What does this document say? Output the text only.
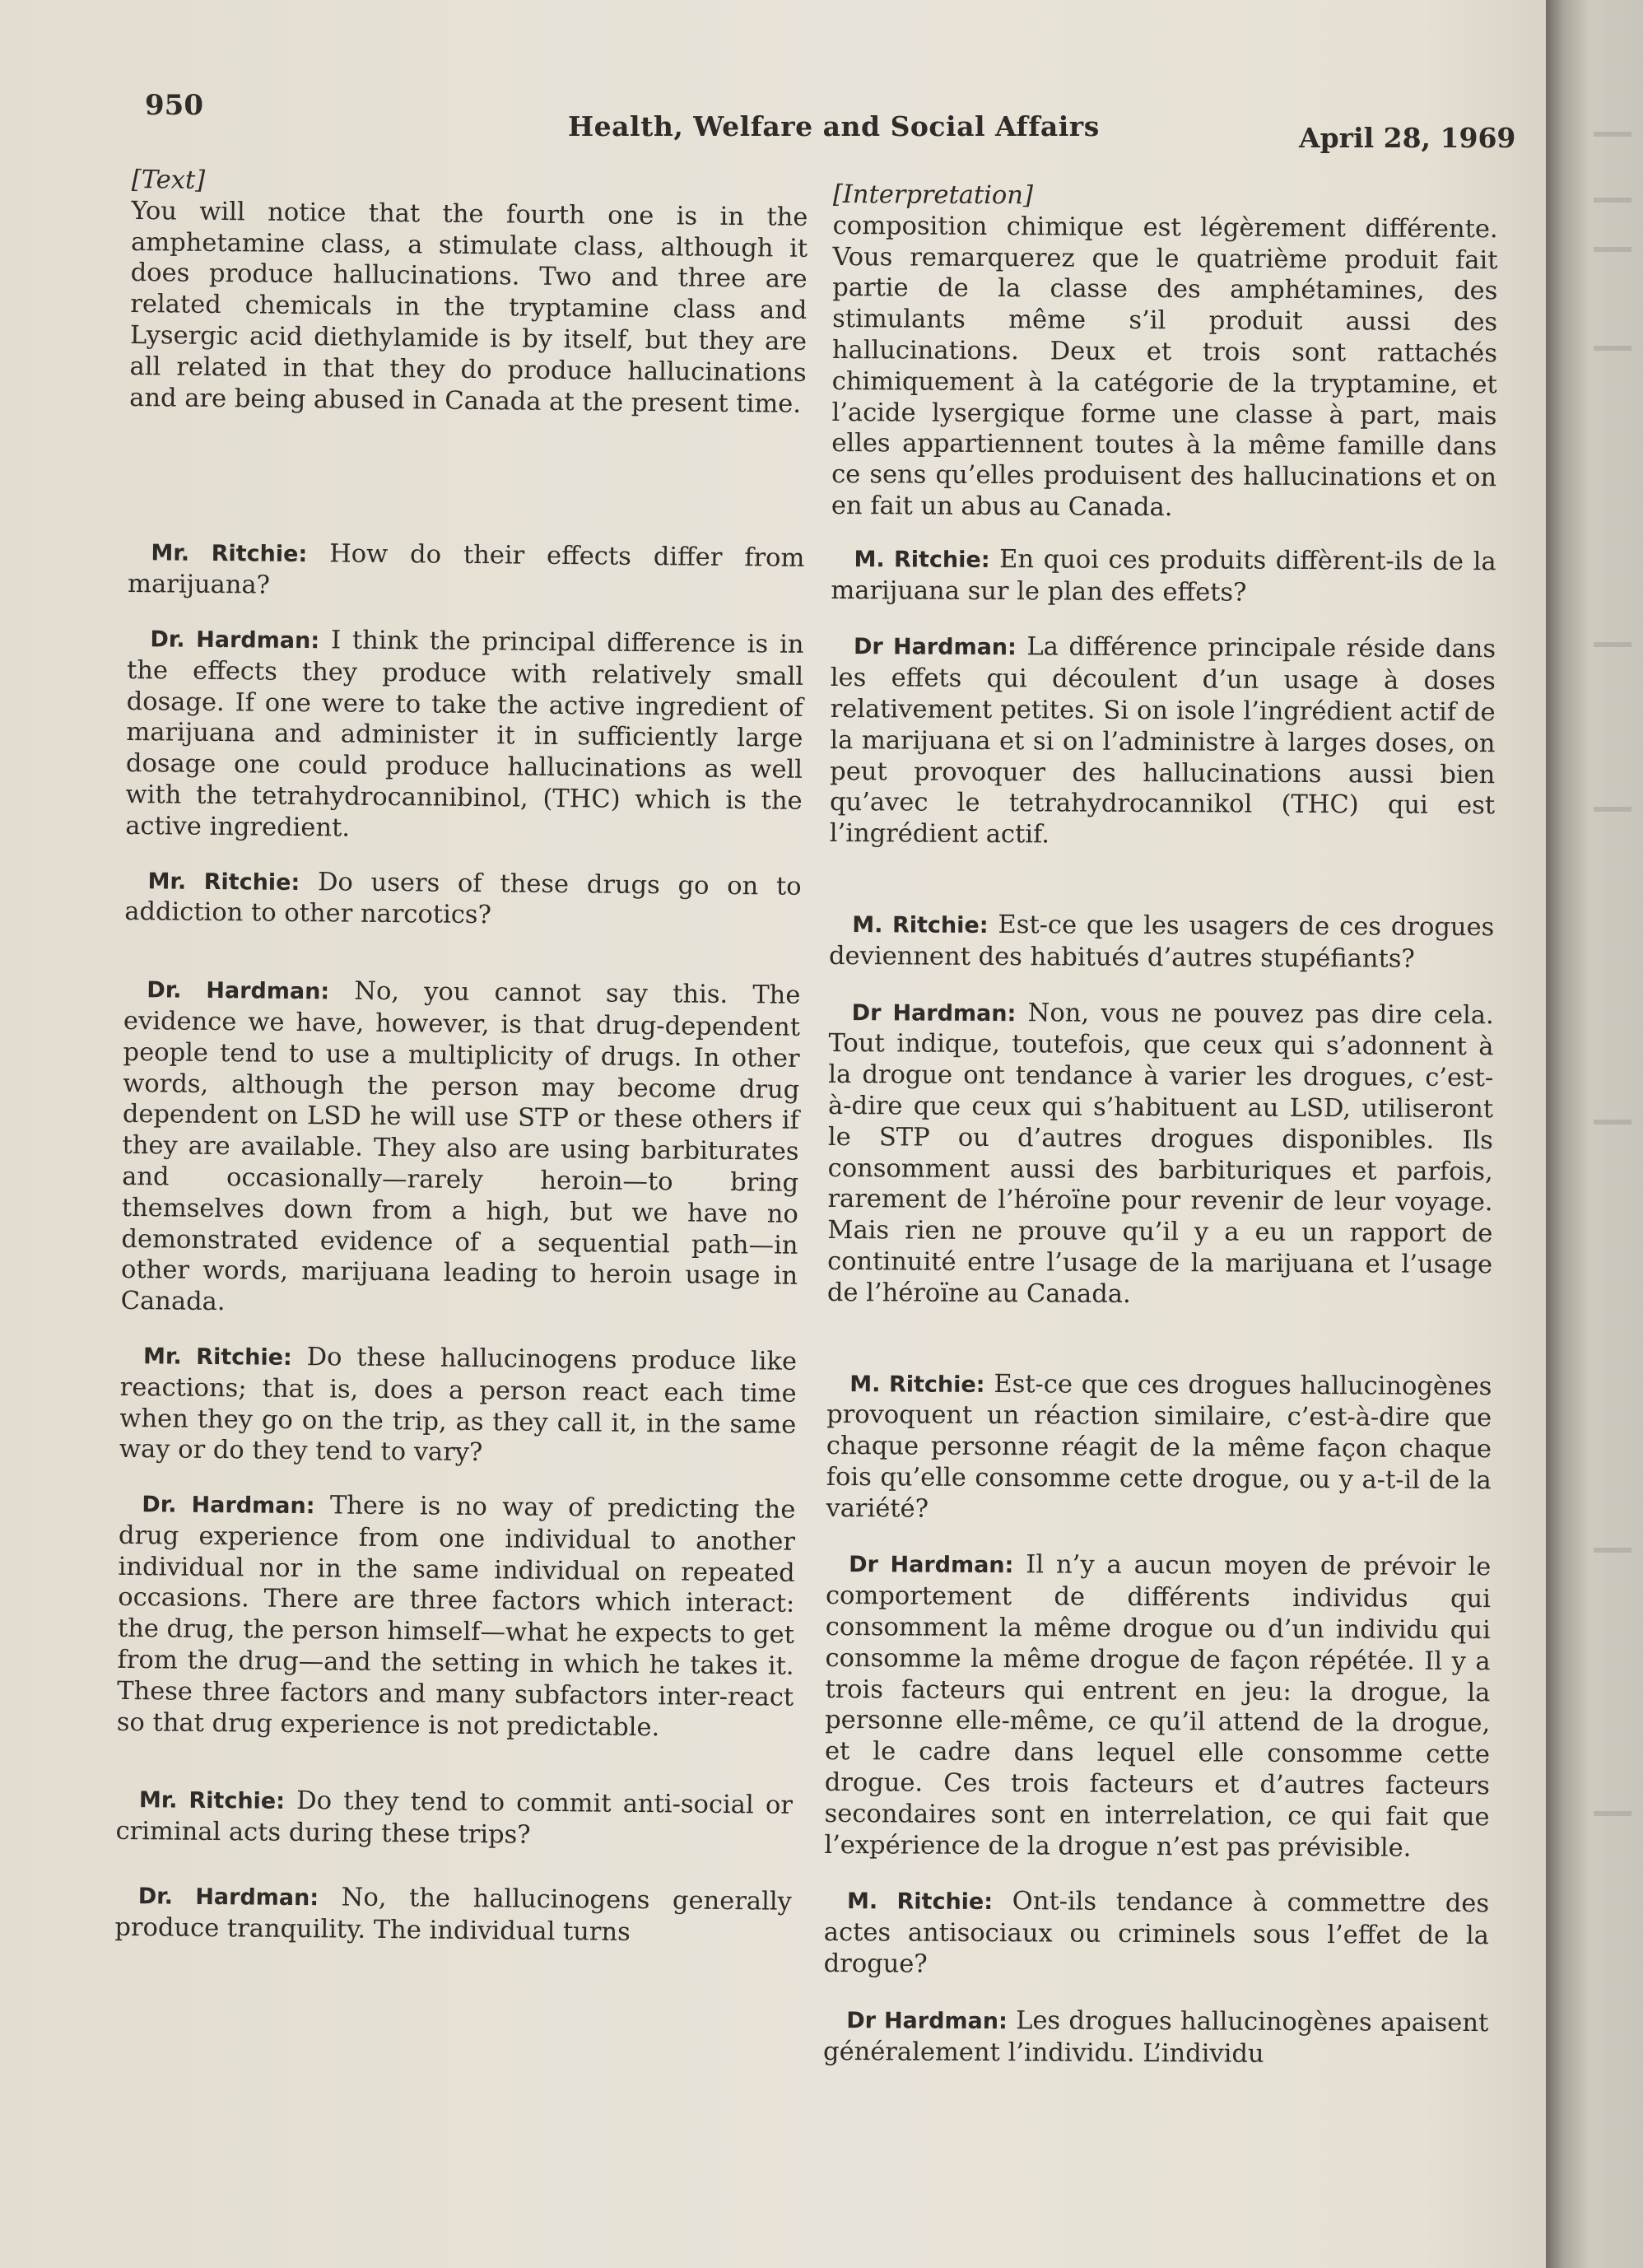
950
Health, Welfare and Social Affairs	April 28, 1969

[Text]

You will notice that the fourth one is in the amphetamine class, a stimulate class, although it does produce hallucinations. Two and three are related chemicals in the tryptamine class and Lysergic acid diethylamide is by itself, but they are all related in that they do produce hallucinations and are being abused in Canada at the present time.

Mr. Ritchie: How do their effects differ from marijuana?

Dr. Hardman: I think the principal difference is in the effects they produce with relatively small dosage. If one were to take the active ingredient of marijuana and administer it in sufficiently large dosage one could produce hallucinations as well with the tetrahydrocannibinol, (THC) which is the active ingredient.

Mr. Ritchie: Do users of these drugs go on to addiction to other narcotics?

Dr. Hardman: No, you cannot say this. The evidence we have, however, is that drug-dependent people tend to use a multiplicity of drugs. In other words, although the person may become drug dependent on LSD he will use STP or these others if they are available. They also are using barbiturates and occasionally—rarely heroin—to bring themselves down from a high, but we have no demonstrated evidence of a sequential path—in other words, marijuana leading to heroin usage in Canada.

Mr. Ritchie: Do these hallucinogens produce like reactions; that is, does a person react each time when they go on the trip, as they call it, in the same way or do they tend to vary?

Dr. Hardman: There is no way of predicting the drug experience from one individual to another individual nor in the same individual on repeated occasions. There are three factors which interact: the drug, the person himself—what he expects to get from the drug—and the setting in which he takes it. These three factors and many subfactors inter-react so that drug experience is not predictable.

Mr. Ritchie: Do they tend to commit anti-social or criminal acts during these trips?

Dr. Hardman: No, the hallucinogens generally produce tranquility. The individual turns

[Interpretation]

composition chimique est légèrement différente. Vous remarquerez que le quatrième produit fait partie de la classe des amphétamines, des stimulants même s’il produit aussi des hallucinations. Deux et trois sont rattachés chimiquement à la catégorie de la tryptamine, et l’acide lysergique forme une classe à part, mais elles appartiennent toutes à la même famille dans ce sens qu’elles produisent des hallucinations et on en fait un abus au Canada.

M. Ritchie: En quoi ces produits diffèrent-ils de la marijuana sur le plan des effets?

Dr Hardman: La différence principale réside dans les effets qui découlent d’un usage à doses relativement petites. Si on isole l’ingrédient actif de la marijuana et si on l’administre à larges doses, on peut provoquer des hallucinations aussi bien qu’avec le tetrahydrocannikol (THC) qui est l’ingrédient actif.

M. Ritchie: Est-ce que les usagers de ces drogues deviennent des habitués d’autres stupéfiants?

Dr Hardman: Non, vous ne pouvez pas dire cela. Tout indique, toutefois, que ceux qui s’adonnent à la drogue ont tendance à varier les drogues, c’est-à-dire que ceux qui s’habituent au LSD, utiliseront le STP ou d’autres drogues disponibles. Ils consomment aussi des barbituriques et parfois, rarement de l’héroïne pour revenir de leur voyage. Mais rien ne prouve qu’il y a eu un rapport de continuité entre l’usage de la marijuana et l’usage de l’héroïne au Canada.

M. Ritchie: Est-ce que ces drogues hallucinogènes provoquent un réaction similaire, c’est-à-dire que chaque personne réagit de la même façon chaque fois qu’elle consomme cette drogue, ou y a-t-il de la variété?

Dr Hardman: Il n’y a aucun moyen de prévoir le comportement de différents individus qui consomment la même drogue ou d’un individu qui consomme la même drogue de façon répétée. Il y a trois facteurs qui entrent en jeu: la drogue, la personne elle-même, ce qu’il attend de la drogue, et le cadre dans lequel elle consomme cette drogue. Ces trois facteurs et d’autres facteurs secondaires sont en interrelation, ce qui fait que l’expérience de la drogue n’est pas prévisible.

M. Ritchie: Ont-ils tendance à commettre des actes antisociaux ou criminels sous l’effet de la drogue?

Dr Hardman: Les drogues hallucinogènes apaisent généralement l’individu. L’individu
